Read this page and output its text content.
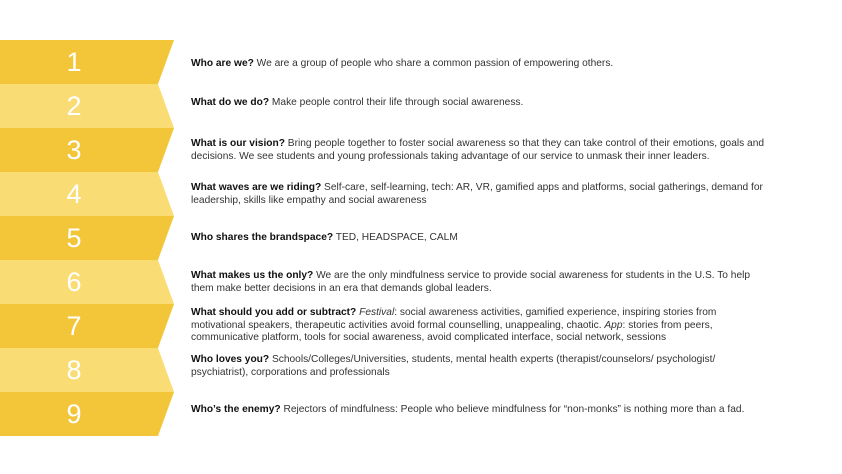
1
2
3
4
5
6
7
8
9
Who are we? We are a group of people who share a common passion of empowering others.
What do we do? Make people control their life through social awareness.
What is our vision? Bring people together to foster social awareness so that they can take control of their emotions, goals and decisions. We see students and young professionals taking advantage of our service to unmask their inner leaders.
What waves are we riding? Self-care, self-learning, tech: AR, VR, gamified apps and platforms, social gatherings, demand for leadership, skills like empathy and social awareness
Who shares the brandspace? TED, HEADSPACE, CALM
What makes us the only? We are the only mindfulness service to provide social awareness for students in the U.S. To help them make better decisions in an era that demands global leaders.
What should you add or subtract? Festival: social awareness activities, gamified experience, inspiring stories from motivational speakers, therapeutic activities avoid formal counselling, unappealing, chaotic. App: stories from peers, communicative platform, tools for social awareness, avoid complicated interface, social network, sessions
Who loves you? Schools/Colleges/Universities, students, mental health experts (therapist/counselors/ psychologist/ psychiatrist), corporations and professionals
Who’s the enemy? Rejectors of mindfulness: People who believe mindfulness for “non-monks” is nothing more than a fad.
